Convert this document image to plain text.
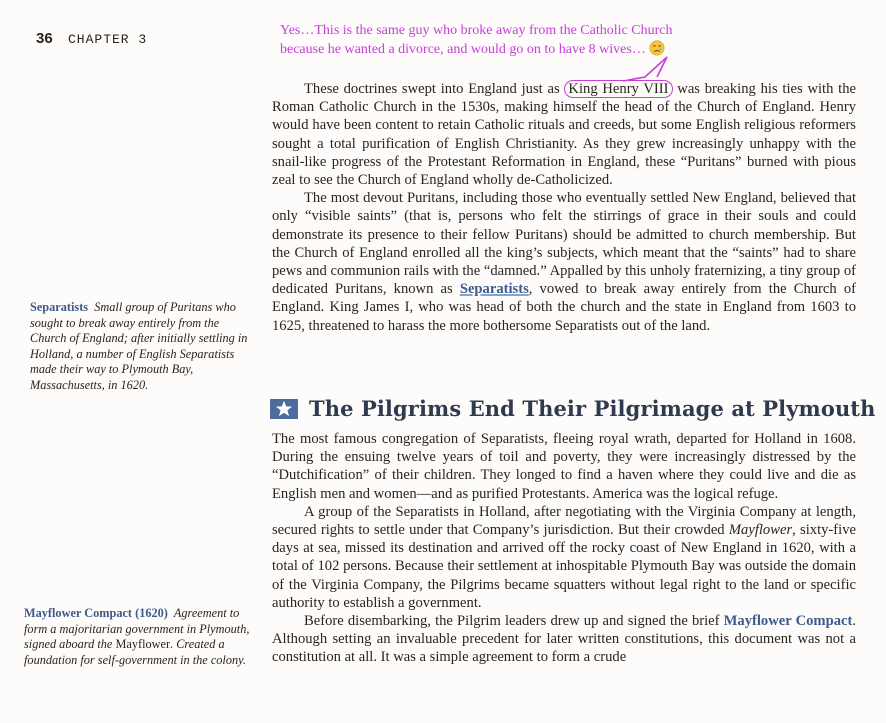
36 CHAPTER 3
Yes…This is the same guy who broke away from the Catholic Church
because he wanted a divorce, and would go on to have 8 wives…

These doctrines swept into England just as King Henry VIII was breaking his ties with the Roman Catholic Church in the 1530s, making himself the head of the Church of England. Henry would have been content to retain Catholic rituals and creeds, but some English religious reformers sought a total purification of English Christianity. As they grew increasingly unhappy with the snail-like progress of the Protestant Reformation in England, these “Puritans” burned with pious zeal to see the Church of England wholly de-Catholicized.

The most devout Puritans, including those who eventually settled New England, believed that only “visible saints” (that is, persons who felt the stirrings of grace in their souls and could demonstrate its presence to their fellow Puritans) should be admitted to church membership. But the Church of England enrolled all the king’s subjects, which meant that the “saints” had to share pews and communion rails with the “damned.” Appalled by this unholy fraternizing, a tiny group of dedicated Puritans, known as Separatists, vowed to break away entirely from the Church of England. King James I, who was head of both the church and the state in England from 1603 to 1625, threatened to harass the more bothersome Separatists out of the land.

The Pilgrims End Their Pilgrimage at Plymouth

The most famous congregation of Separatists, fleeing royal wrath, departed for Holland in 1608. During the ensuing twelve years of toil and poverty, they were increasingly distressed by the “Dutchification” of their children. They longed to find a haven where they could live and die as English men and women—and as purified Protestants. America was the logical refuge.

A group of the Separatists in Holland, after negotiating with the Virginia Company at length, secured rights to settle under that Company’s jurisdiction. But their crowded Mayflower, sixty-five days at sea, missed its destination and arrived off the rocky coast of New England in 1620, with a total of 102 persons. Because their settlement at inhospitable Plymouth Bay was outside the domain of the Virginia Company, the Pilgrims became squatters without legal right to the land or specific authority to establish a government.

Before disembarking, the Pilgrim leaders drew up and signed the brief Mayflower Compact. Although setting an invaluable precedent for later written constitutions, this document was not a constitution at all. It was a simple agreement to form a crude

Separatists Small group of Puritans who sought to break away entirely from the Church of England; after initially settling in Holland, a number of English Separatists made their way to Plymouth Bay, Massachusetts, in 1620.
Mayflower Compact (1620) Agreement to form a majoritarian government in Plymouth, signed aboard the Mayflower. Created a foundation for self-government in the colony.
